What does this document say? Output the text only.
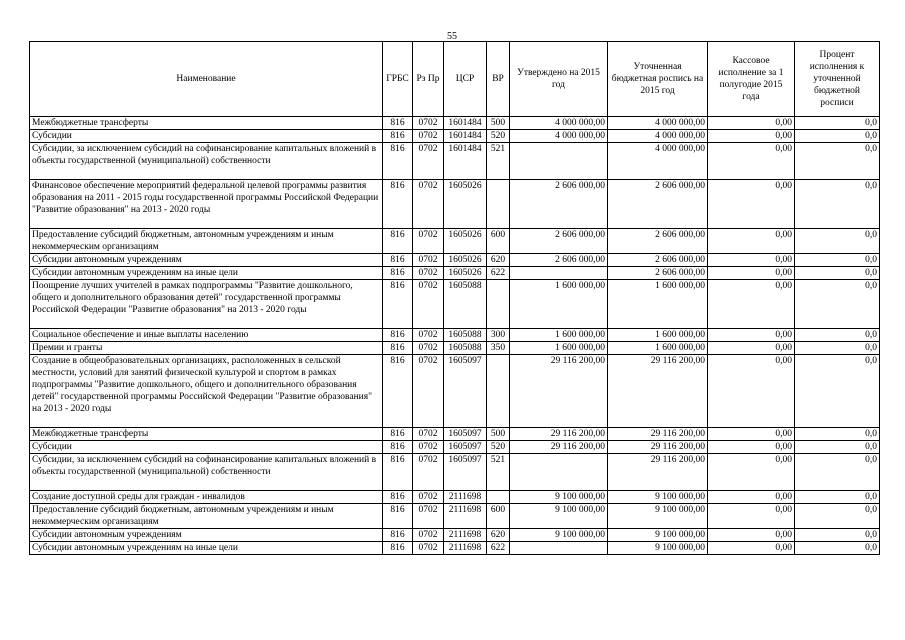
55
Наименование	ГРБС	Рз Пр	ЦСР	ВР	Утверждено на 2015 год	Уточненная бюджетная роспись на 2015 год	Кассовое исполнение за 1 полугодие 2015 года	Процент исполнения к уточненной бюджетной росписи
Межбюджетные трансферты	816	0702	1601484	500	4 000 000,00	4 000 000,00	0,00	0,0
Субсидии	816	0702	1601484	520	4 000 000,00	4 000 000,00	0,00	0,0
Субсидии, за исключением субсидий на софинансирование капитальных вложений в объекты государственной (муниципальной) собственности	816	0702	1601484	521		4 000 000,00	0,00	0,0
Финансовое обеспечение мероприятий федеральной целевой программы развития образования на 2011 - 2015 годы государственной программы Российской Федерации "Развитие образования" на 2013 - 2020 годы	816	0702	1605026		2 606 000,00	2 606 000,00	0,00	0,0
Предоставление субсидий бюджетным, автономным учреждениям и иным некоммерческим организациям	816	0702	1605026	600	2 606 000,00	2 606 000,00	0,00	0,0
Субсидии автономным учреждениям	816	0702	1605026	620	2 606 000,00	2 606 000,00	0,00	0,0
Субсидии автономным учреждениям на иные цели	816	0702	1605026	622		2 606 000,00	0,00	0,0
Поощрение лучших учителей в рамках подпрограммы "Развитие дошкольного, общего и дополнительного образования детей" государственной программы Российской Федерации "Развитие образования" на 2013 - 2020 годы	816	0702	1605088		1 600 000,00	1 600 000,00	0,00	0,0
Социальное обеспечение и иные выплаты населению	816	0702	1605088	300	1 600 000,00	1 600 000,00	0,00	0,0
Премии и гранты	816	0702	1605088	350	1 600 000,00	1 600 000,00	0,00	0,0
Создание в общеобразовательных организациях, расположенных в сельской местности, условий для занятий физической культурой и спортом в рамках подпрограммы "Развитие дошкольного, общего и дополнительного образования детей" государственной программы Российской Федерации "Развитие образования" на 2013 - 2020 годы	816	0702	1605097		29 116 200,00	29 116 200,00	0,00	0,0
Межбюджетные трансферты	816	0702	1605097	500	29 116 200,00	29 116 200,00	0,00	0,0
Субсидии	816	0702	1605097	520	29 116 200,00	29 116 200,00	0,00	0,0
Субсидии, за исключением субсидий на софинансирование капитальных вложений в объекты государственной (муниципальной) собственности	816	0702	1605097	521		29 116 200,00	0,00	0,0
Создание доступной среды для граждан - инвалидов	816	0702	2111698		9 100 000,00	9 100 000,00	0,00	0,0
Предоставление субсидий бюджетным, автономным учреждениям и иным некоммерческим организациям	816	0702	2111698	600	9 100 000,00	9 100 000,00	0,00	0,0
Субсидии автономным учреждениям	816	0702	2111698	620	9 100 000,00	9 100 000,00	0,00	0,0
Субсидии автономным учреждениям на иные цели	816	0702	2111698	622		9 100 000,00	0,00	0,0
